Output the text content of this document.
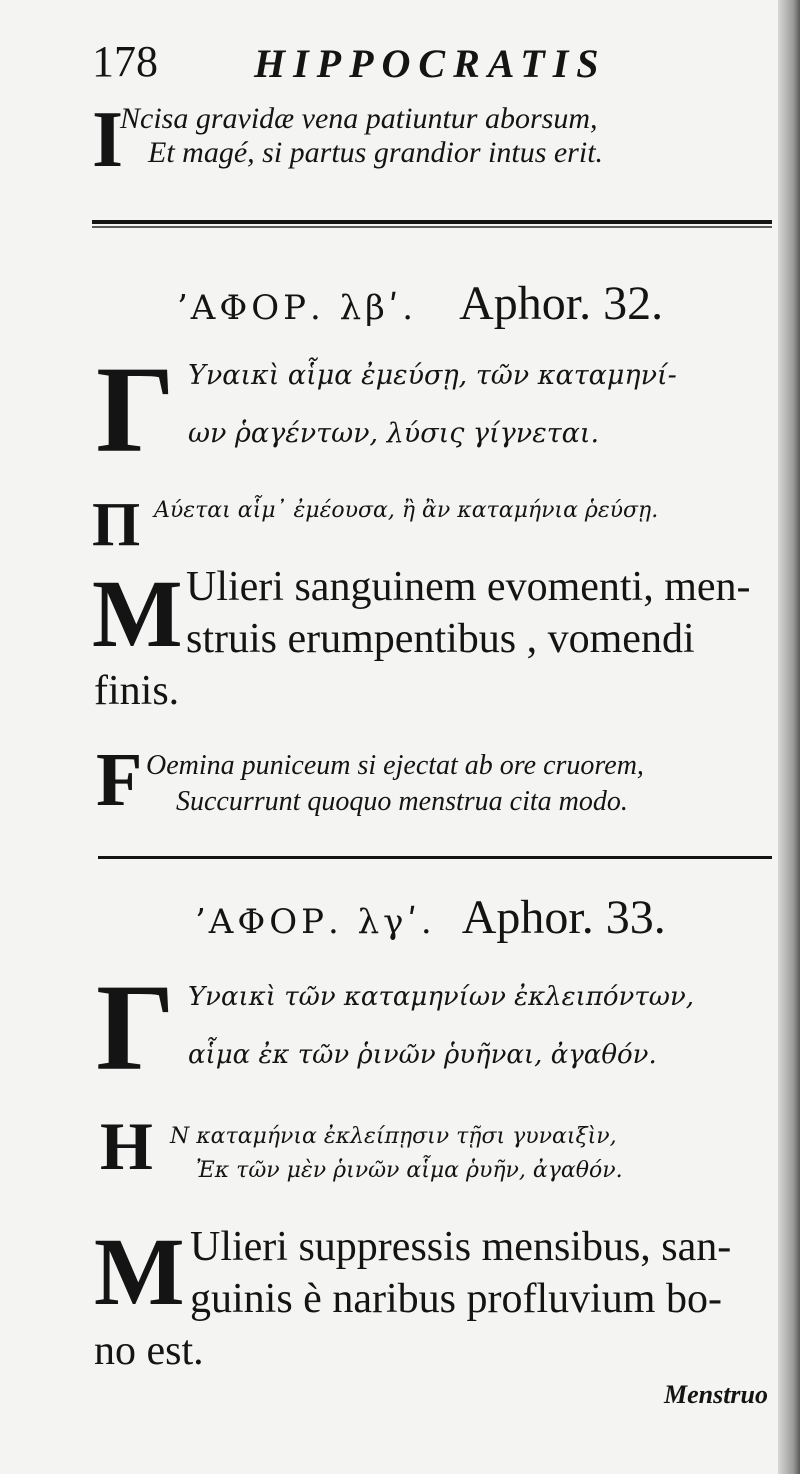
178 HIPPOCRATIS
I
Ncisa gravidæ vena patiuntur aborsum,
Et magé, si partus grandior intus erit.
ʼΑΦΟΡ. λβʹ. Aphor. 32.
Γ Υναικὶ αἷμα ἐμεύσῃ, τῶν καταμηνί-
ων ῥαγέντων, λύσις γίγνεται.
Π Αύεται αἷμ᾽ ἐμέουσα, ἢ ἂν καταμήνια ῥεύσῃ.
M Ulieri sanguinem evomenti, men-
struis erumpentibus , vomendi
finis.
F Oemina puniceum si ejectat ab ore cruorem,
Succurrunt quoquo menstrua cita modo.
ʼΑΦΟΡ. λγʹ. Aphor. 33.
Γ Υναικὶ τῶν καταμηνίων ἐκλειπόντων,
αἷμα ἐκ τῶν ῥινῶν ῥυῆναι, ἀγαθόν.
Η Ν καταμήνια ἐκλείπῃσιν τῇσι γυναιξὶν,
Ἐκ τῶν μὲν ῥινῶν αἷμα ῥυῆν, ἀγαθόν.
M Ulieri suppressis mensibus, san-
guinis è naribus profluvium bo-
no est.
Menstruo
